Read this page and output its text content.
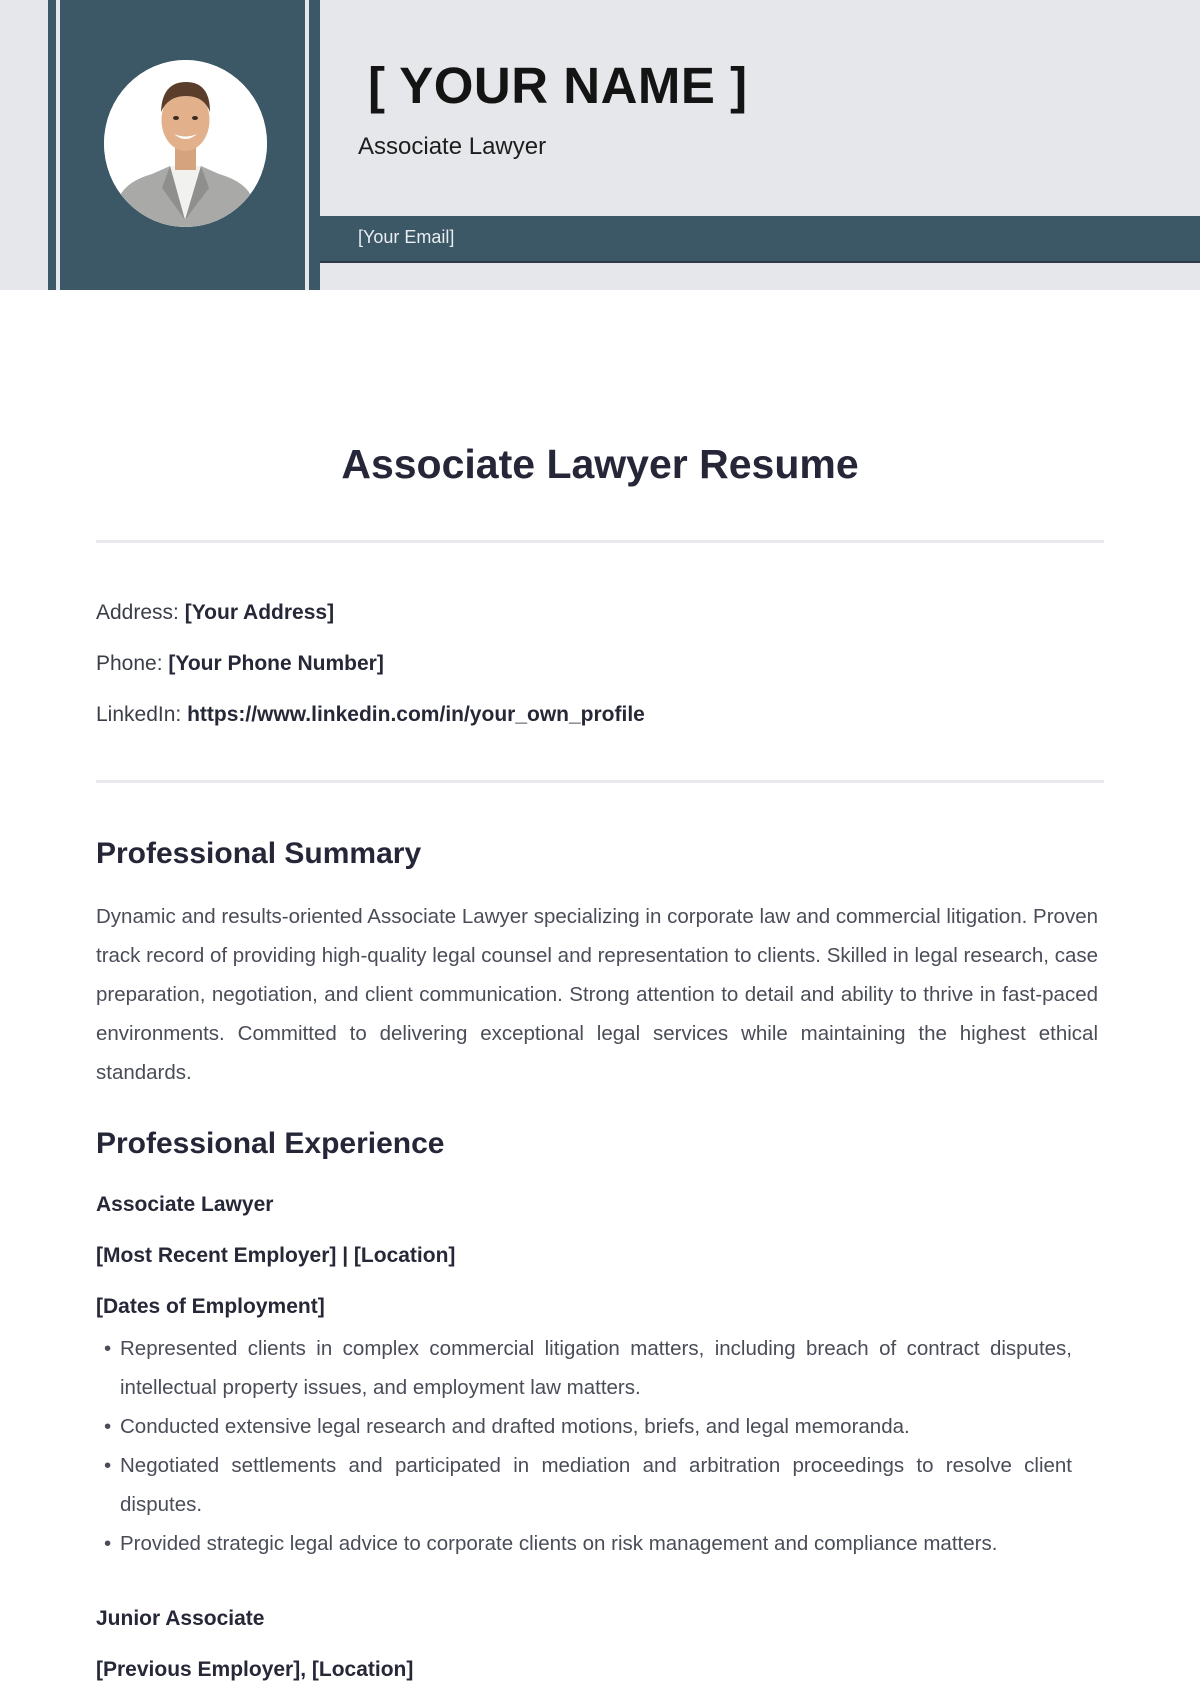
[ YOUR NAME ]
Associate Lawyer
[Your Email]
Associate Lawyer Resume
Address: [Your Address]
Phone: [Your Phone Number]
LinkedIn: https://www.linkedin.com/in/your_own_profile
Professional Summary

Dynamic and results-oriented Associate Lawyer specializing in corporate law and commercial litigation. Proven track record of providing high-quality legal counsel and representation to clients. Skilled in legal research, case preparation, negotiation, and client communication. Strong attention to detail and ability to thrive in fast-paced environments. Committed to delivering exceptional legal services while maintaining the highest ethical standards.

Professional Experience
Associate Lawyer
[Most Recent Employer] | [Location]
[Dates of Employment]
• Represented clients in complex commercial litigation matters, including breach of contract disputes, intellectual property issues, and employment law matters.
• Conducted extensive legal research and drafted motions, briefs, and legal memoranda.
• Negotiated settlements and participated in mediation and arbitration proceedings to resolve client disputes.
• Provided strategic legal advice to corporate clients on risk management and compliance matters.
Junior Associate
[Previous Employer], [Location]
